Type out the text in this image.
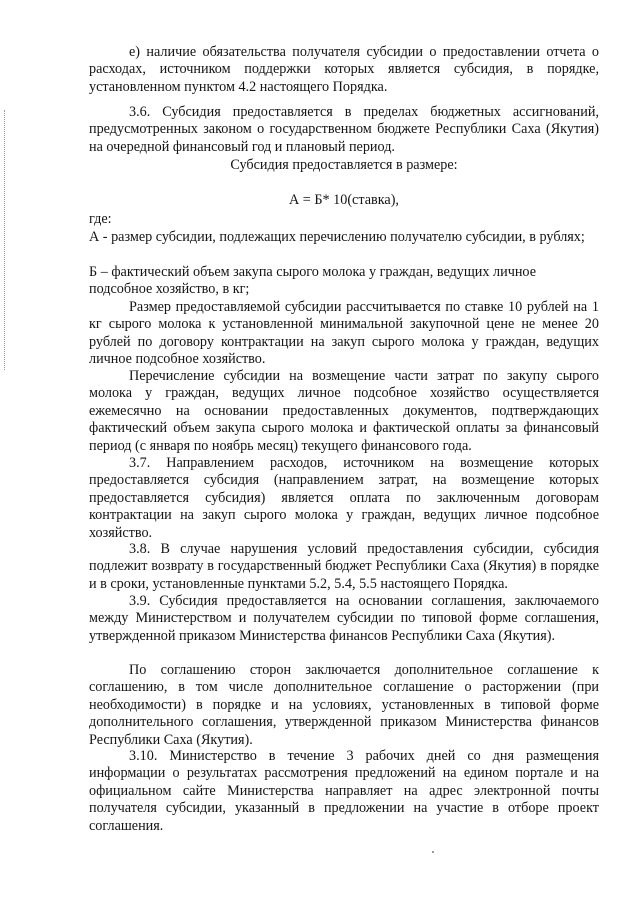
е) наличие обязательства получателя субсидии о предоставлении отчета о расходах, источником поддержки которых является субсидия, в порядке, установленном пунктом 4.2 настоящего Порядка.

3.6. Субсидия предоставляется в пределах бюджетных ассигнований, предусмотренных законом о государственном бюджете Республики Саха (Якутия) на очередной финансовый год и плановый период.

Субсидия предоставляется в размере:

А = Б* 10(ставка),

где:

А - размер субсидии, подлежащих перечислению получателю субсидии, в рублях;

Б – фактический объем закупа сырого молока у граждан, ведущих личное подсобное хозяйство, в кг;

Размер предоставляемой субсидии рассчитывается по ставке 10 рублей на 1 кг сырого молока к установленной минимальной закупочной цене не менее 20 рублей по договору контрактации на закуп сырого молока у граждан, ведущих личное подсобное хозяйство.

Перечисление субсидии на возмещение части затрат по закупу сырого молока у граждан, ведущих личное подсобное хозяйство осуществляется ежемесячно на основании предоставленных документов, подтверждающих фактический объем закупа сырого молока и фактической оплаты за финансовый период (с января по ноябрь месяц) текущего финансового года.

3.7. Направлением расходов, источником на возмещение которых предоставляется субсидия (направлением затрат, на возмещение которых предоставляется субсидия) является оплата по заключенным договорам контрактации на закуп сырого молока у граждан, ведущих личное подсобное хозяйство.

3.8. В случае нарушения условий предоставления субсидии, субсидия подлежит возврату в государственный бюджет Республики Саха (Якутия) в порядке и в сроки, установленные пунктами 5.2, 5.4, 5.5 настоящего Порядка.

3.9. Субсидия предоставляется на основании соглашения, заключаемого между Министерством и получателем субсидии по типовой форме соглашения, утвержденной приказом Министерства финансов Республики Саха (Якутия).

По соглашению сторон заключается дополнительное соглашение к соглашению, в том числе дополнительное соглашение о расторжении (при необходимости) в порядке и на условиях, установленных в типовой форме дополнительного соглашения, утвержденной приказом Министерства финансов Республики Саха (Якутия).

3.10. Министерство в течение 3 рабочих дней со дня размещения информации о результатах рассмотрения предложений на едином портале и на официальном сайте Министерства направляет на адрес электронной почты получателя субсидии, указанный в предложении на участие в отборе проект соглашения.
